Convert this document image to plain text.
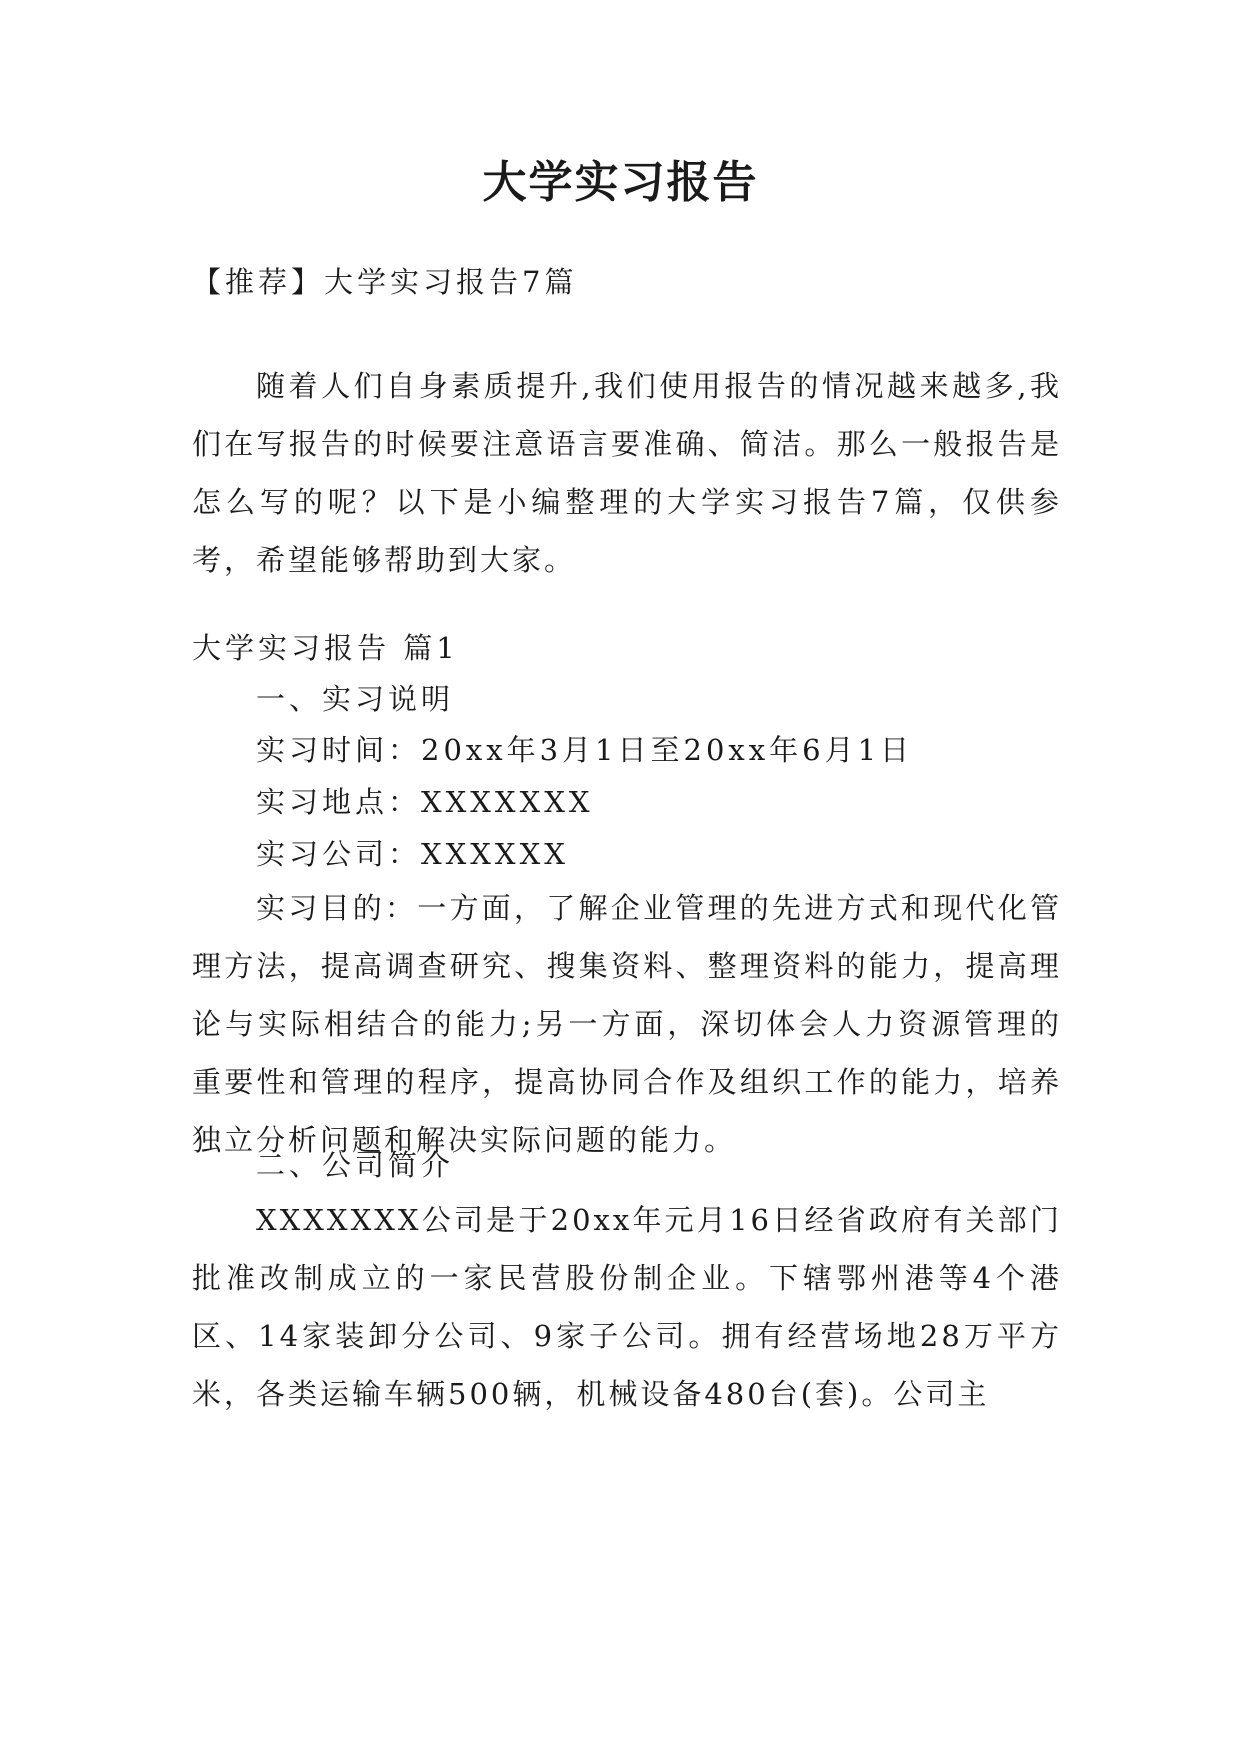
大学实习报告
【推荐】大学实习报告7篇
随着人们自身素质提升,我们使用报告的情况越来越多,我们在写报告的时候要注意语言要准确、简洁。那么一般报告是怎么写的呢？以下是小编整理的大学实习报告7篇，仅供参考，希望能够帮助到大家。
大学实习报告 篇1
一、实习说明
实习时间：20xx年3月1日至20xx年6月1日
实习地点：XXXXXXX
实习公司：XXXXXX
实习目的：一方面，了解企业管理的先进方式和现代化管理方法，提高调查研究、搜集资料、整理资料的能力，提高理论与实际相结合的能力;另一方面，深切体会人力资源管理的重要性和管理的程序，提高协同合作及组织工作的能力，培养独立分析问题和解决实际问题的能力。
二、公司简介
XXXXXXX公司是于20xx年元月16日经省政府有关部门批准改制成立的一家民营股份制企业。下辖鄂州港等4个港区、14家装卸分公司、9家子公司。拥有经营场地28万平方米，各类运输车辆500辆，机械设备480台(套)。公司主
